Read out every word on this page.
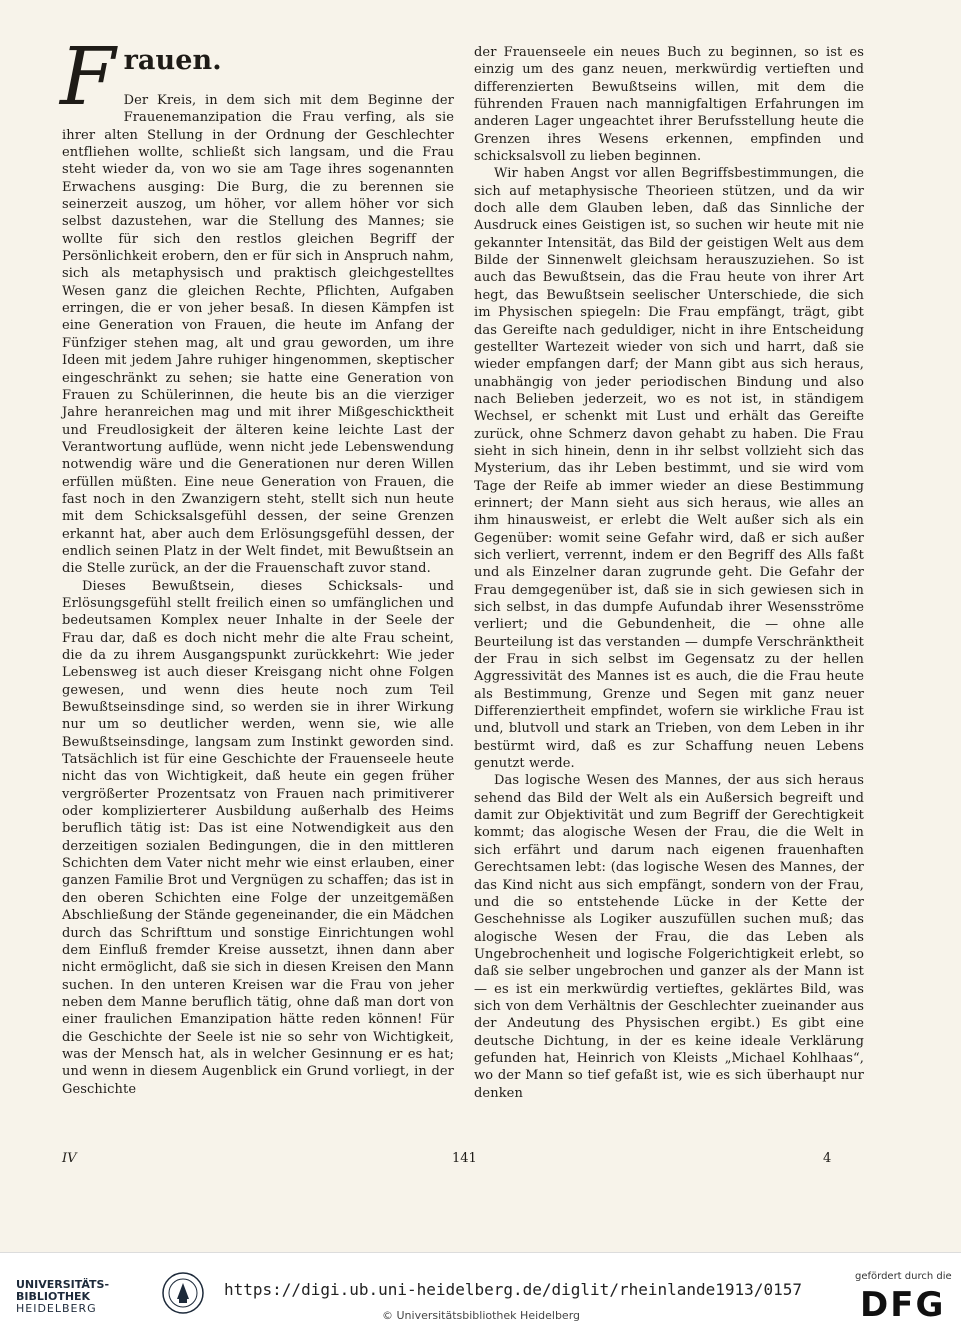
F rauen.

Der Kreis, in dem sich mit dem Beginne der Frauenemanzipation die Frau verfing, als sie ihrer alten Stellung in der Ordnung der Geschlechter entfliehen wollte, schließt sich langsam, und die Frau steht wieder da, von wo sie am Tage ihres sogenannten Erwachens ausging: Die Burg, die zu berennen sie seinerzeit auszog, um höher, vor allem höher vor sich selbst dazustehen, war die Stellung des Mannes; sie wollte für sich den restlos gleichen Begriff der Persönlichkeit erobern, den er für sich in Anspruch nahm, sich als metaphysisch und praktisch gleichgestelltes Wesen ganz die gleichen Rechte, Pflichten, Aufgaben erringen, die er von jeher besaß. In diesen Kämpfen ist eine Generation von Frauen, die heute im Anfang der Fünfziger stehen mag, alt und grau geworden, um ihre Ideen mit jedem Jahre ruhiger hingenommen, skeptischer eingeschränkt zu sehen; sie hatte eine Generation von Frauen zu Schülerinnen, die heute bis an die vierziger Jahre heranreichen mag und mit ihrer Mißgeschicktheit und Freudlosigkeit der älteren keine leichte Last der Verantwortung auflüde, wenn nicht jede Lebenswendung notwendig wäre und die Generationen nur deren Willen erfüllen müßten. Eine neue Generation von Frauen, die fast noch in den Zwanzigern steht, stellt sich nun heute mit dem Schicksalsgefühl dessen, der seine Grenzen erkannt hat, aber auch dem Erlösungsgefühl dessen, der endlich seinen Platz in der Welt findet, mit Bewußtsein an die Stelle zurück, an der die Frauenschaft zuvor stand.

Dieses Bewußtsein, dieses Schicksals- und Erlösungsgefühl stellt freilich einen so umfänglichen und bedeutsamen Komplex neuer Inhalte in der Seele der Frau dar, daß es doch nicht mehr die alte Frau scheint, die da zu ihrem Ausgangspunkt zurückkehrt: Wie jeder Lebensweg ist auch dieser Kreisgang nicht ohne Folgen gewesen, und wenn dies heute noch zum Teil Bewußtseinsdinge sind, so werden sie in ihrer Wirkung nur um so deutlicher werden, wenn sie, wie alle Bewußtseinsdinge, langsam zum Instinkt geworden sind. Tatsächlich ist für eine Geschichte der Frauenseele heute nicht das von Wichtigkeit, daß heute ein gegen früher vergrößerter Prozentsatz von Frauen nach primitiverer oder komplizierterer Ausbildung außerhalb des Heims beruflich tätig ist: Das ist eine Notwendigkeit aus den derzeitigen sozialen Bedingungen, die in den mittleren Schichten dem Vater nicht mehr wie einst erlauben, einer ganzen Familie Brot und Vergnügen zu schaffen; das ist in den oberen Schichten eine Folge der unzeitgemäßen Abschließung der Stände gegeneinander, die ein Mädchen durch das Schrifttum und sonstige Einrichtungen wohl dem Einfluß fremder Kreise aussetzt, ihnen dann aber nicht ermöglicht, daß sie sich in diesen Kreisen den Mann suchen. In den unteren Kreisen war die Frau von jeher neben dem Manne beruflich tätig, ohne daß man dort von einer fraulichen Emanzipation hätte reden können! Für die Geschichte der Seele ist nie so sehr von Wichtigkeit, was der Mensch hat, als in welcher Gesinnung er es hat; und wenn in diesem Augenblick ein Grund vorliegt, in der Geschichte

der Frauenseele ein neues Buch zu beginnen, so ist es einzig um des ganz neuen, merkwürdig vertieften und differenzierten Bewußtseins willen, mit dem die führenden Frauen nach mannigfaltigen Erfahrungen im anderen Lager ungeachtet ihrer Berufsstellung heute die Grenzen ihres Wesens erkennen, empfinden und schicksalsvoll zu lieben beginnen.

Wir haben Angst vor allen Begriffsbestimmungen, die sich auf metaphysische Theorieen stützen, und da wir doch alle dem Glauben leben, daß das Sinnliche der Ausdruck eines Geistigen ist, so suchen wir heute mit nie gekannter Intensität, das Bild der geistigen Welt aus dem Bilde der Sinnenwelt gleichsam herauszuziehen. So ist auch das Bewußtsein, das die Frau heute von ihrer Art hegt, das Bewußtsein seelischer Unterschiede, die sich im Physischen spiegeln: Die Frau empfängt, trägt, gibt das Gereifte nach geduldiger, nicht in ihre Entscheidung gestellter Wartezeit wieder von sich und harrt, daß sie wieder empfangen darf; der Mann gibt aus sich heraus, unabhängig von jeder periodischen Bindung und also nach Belieben jederzeit, wo es not ist, in ständigem Wechsel, er schenkt mit Lust und erhält das Gereifte zurück, ohne Schmerz davon gehabt zu haben. Die Frau sieht in sich hinein, denn in ihr selbst vollzieht sich das Mysterium, das ihr Leben bestimmt, und sie wird vom Tage der Reife ab immer wieder an diese Bestimmung erinnert; der Mann sieht aus sich heraus, wie alles an ihm hinausweist, er erlebt die Welt außer sich als ein Gegenüber: womit seine Gefahr wird, daß er sich außer sich verliert, verrennt, indem er den Begriff des Alls faßt und als Einzelner daran zugrunde geht. Die Gefahr der Frau demgegenüber ist, daß sie in sich gewiesen sich in sich selbst, in das dumpfe Aufundab ihrer Wesensströme verliert; und die Gebundenheit, die — ohne alle Beurteilung ist das verstanden — dumpfe Verschränktheit der Frau in sich selbst im Gegensatz zu der hellen Aggressivität des Mannes ist es auch, die die Frau heute als Bestimmung, Grenze und Segen mit ganz neuer Differenziertheit empfindet, wofern sie wirkliche Frau ist und, blutvoll und stark an Trieben, von dem Leben in ihr bestürmt wird, daß es zur Schaffung neuen Lebens genutzt werde.

Das logische Wesen des Mannes, der aus sich heraus sehend das Bild der Welt als ein Außersich begreift und damit zur Objektivität und zum Begriff der Gerechtigkeit kommt; das alogische Wesen der Frau, die die Welt in sich erfährt und darum nach eigenen frauenhaften Gerechtsamen lebt: (das logische Wesen des Mannes, der das Kind nicht aus sich empfängt, sondern von der Frau, und die so entstehende Lücke in der Kette der Geschehnisse als Logiker auszufüllen suchen muß; das alogische Wesen der Frau, die das Leben als Ungebrochenheit und logische Folgerichtigkeit erlebt, so daß sie selber ungebrochen und ganzer als der Mann ist — es ist ein merkwürdig vertieftes, geklärtes Bild, was sich von dem Verhältnis der Geschlechter zueinander aus der Andeutung des Physischen ergibt.) Es gibt eine deutsche Dichtung, in der es keine ideale Verklärung gefunden hat, Heinrich von Kleists „Michael Kohlhaas“, wo der Mann so tief gefaßt ist, wie es sich überhaupt nur denken

IV	141	4
UNIVERSITÄTS-
BIBLIOTHEK
HEIDELBERG
https://digi.ub.uni-heidelberg.de/diglit/rheinlande1913/0157
© Universitätsbibliothek Heidelberg
gefördert durch die
DFG
